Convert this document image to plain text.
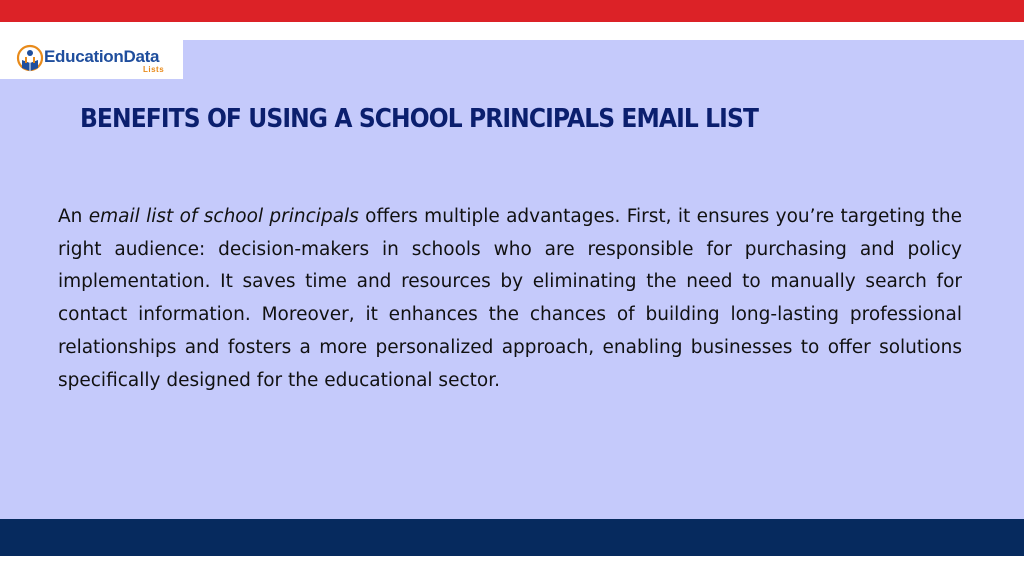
EducationData
Lists
BENEFITS OF USING A SCHOOL PRINCIPALS EMAIL LIST

An email list of school principals offers multiple advantages. First, it ensures you’re targeting the right audience: decision-makers in schools who are responsible for purchasing and policy implementation. It saves time and resources by eliminating the need to manually search for contact information. Moreover, it enhances the chances of building long-lasting professional relationships and fosters a more personalized approach, enabling businesses to offer solutions specifically designed for the educational sector.
